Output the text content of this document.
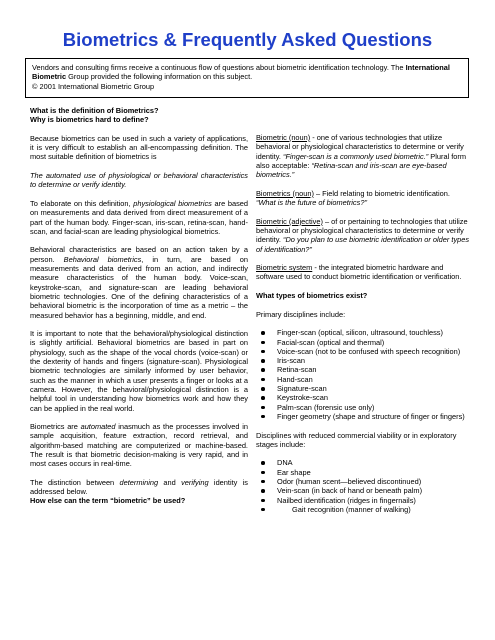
Biometrics & Frequently Asked Questions
Vendors and consulting firms receive a continuous flow of questions about biometric identification technology. The International Biometric Group provided the following information on this subject.
© 2001 International Biometric Group

What is the definition of Biometrics?
Why is biometrics hard to define?

Because biometrics can be used in such a variety of applications, it is very difficult to establish an all-encompassing definition. The most suitable definition of biometrics is

The automated use of physiological or behavioral characteristics to determine or verify identity.

To elaborate on this definition, physiological biometrics are based on measurements and data derived from direct measurement of a part of the human body. Finger-scan, iris-scan, retina-scan, hand-scan, and facial-scan are leading physiological biometrics.

Behavioral characteristics are based on an action taken by a person. Behavioral biometrics, in turn, are based on measurements and data derived from an action, and indirectly measure characteristics of the human body. Voice-scan, keystroke-scan, and signature-scan are leading behavioral biometric technologies. One of the defining characteristics of a behavioral biometric is the incorporation of time as a metric – the measured behavior has a beginning, middle, and end.

It is important to note that the behavioral/physiological distinction is slightly artificial. Behavioral biometrics are based in part on physiology, such as the shape of the vocal chords (voice-scan) or the dexterity of hands and fingers (signature-scan). Physiological biometric technologies are similarly informed by user behavior, such as the manner in which a user presents a finger or looks at a camera. However, the behavioral/physiological distinction is a helpful tool in understanding how biometrics work and how they can be applied in the real world.

Biometrics are automated inasmuch as the processes involved in sample acquisition, feature extraction, record retrieval, and algorithm-based matching are computerized or machine-based. The result is that biometric decision-making is very rapid, and in most cases occurs in real-time.

The distinction between determining and verifying identity is addressed below.

How else can the term “biometric” be used?

Biometric (noun) - one of various technologies that utilize behavioral or physiological characteristics to determine or verify identity. “Finger-scan is a commonly used biometric.” Plural form also acceptable: “Retina-scan and iris-scan are eye-based biometrics.”

Biometrics (noun) – Field relating to biometric identification. “What is the future of biometrics?”

Biometric (adjective) – of or pertaining to technologies that utilize behavioral or physiological characteristics to determine or verify identity. “Do you plan to use biometric identification or older types of identification?”

Biometric system - the integrated biometric hardware and software used to conduct biometric identification or verification.

What types of biometrics exist?

Primary disciplines include:

Finger-scan (optical, silicon, ultrasound, touchless)
Facial-scan (optical and thermal)
Voice-scan (not to be confused with speech recognition)
Iris-scan
Retina-scan
Hand-scan
Signature-scan
Keystroke-scan
Palm-scan (forensic use only)
Finger geometry (shape and structure of finger or fingers)

Disciplines with reduced commercial viability or in exploratory stages include:

DNA
Ear shape
Odor (human scent—believed discontinued)
Vein-scan (in back of hand or beneath palm)
Nailbed identification (ridges in fingernails)
Gait recognition (manner of walking)
